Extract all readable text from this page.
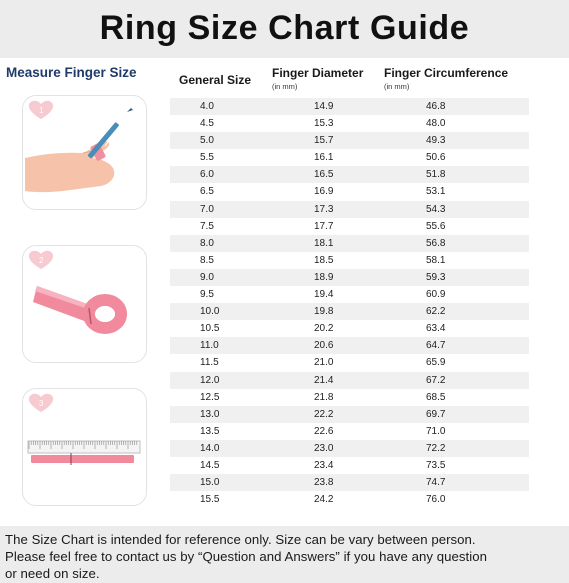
Ring Size Chart Guide
Measure Finger Size
1
2
3
General Size Finger Diameter
(in mm)
Finger Circumference
(in mm)
4.0	14.9	46.8
4.5	15.3	48.0
5.0	15.7	49.3
5.5	16.1	50.6
6.0	16.5	51.8
6.5	16.9	53.1
7.0	17.3	54.3
7.5	17.7	55.6
8.0	18.1	56.8
8.5	18.5	58.1
9.0	18.9	59.3
9.5	19.4	60.9
10.0	19.8	62.2
10.5	20.2	63.4
11.0	20.6	64.7
11.5	21.0	65.9
12.0	21.4	67.2
12.5	21.8	68.5
13.0	22.2	69.7
13.5	22.6	71.0
14.0	23.0	72.2
14.5	23.4	73.5
15.0	23.8	74.7
15.5	24.2	76.0

The Size Chart is intended for reference only. Size can be vary between person.

Please feel free to contact us by “Question and Answers” if you have any question

or need on size.
